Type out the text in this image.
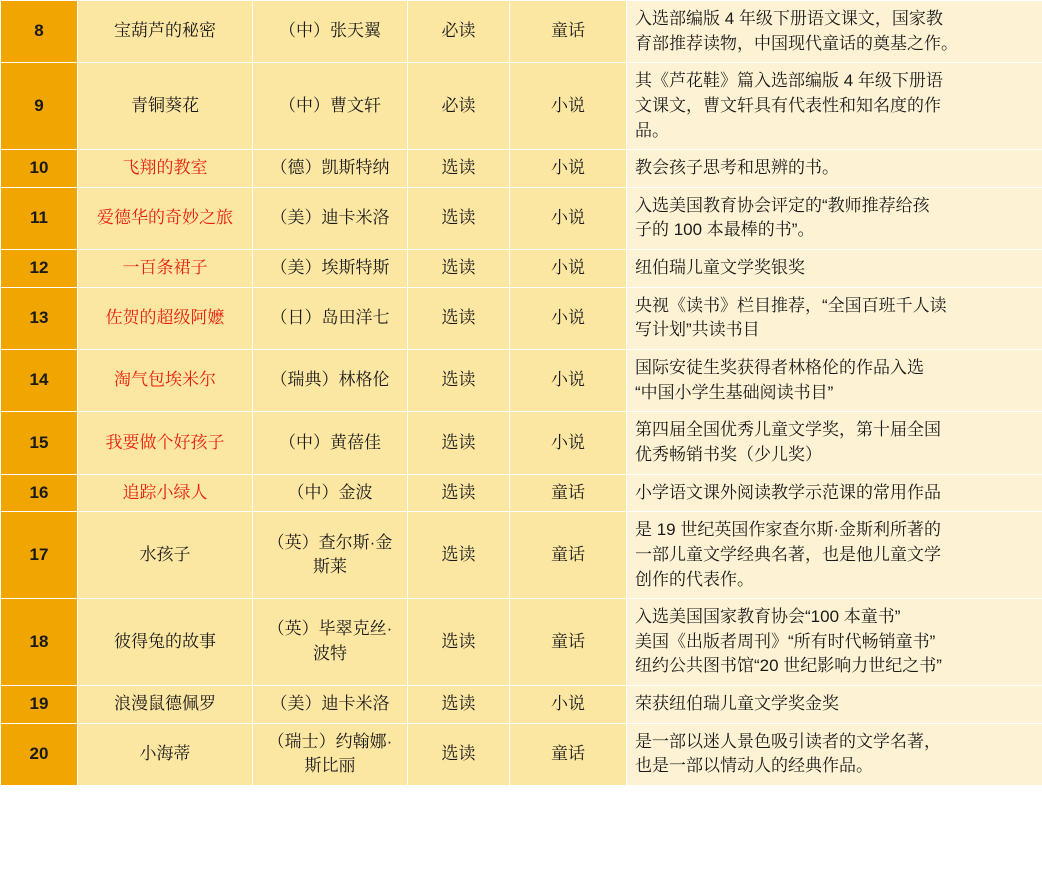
8	宝葫芦的秘密	（中）张天翼	必读	童话	入选部编版 4 年级下册语文课文，国家教
育部推荐读物，中国现代童话的奠基之作。

9	青铜葵花	（中）曹文轩	必读	小说	其《芦花鞋》篇入选部编版 4 年级下册语
文课文，曹文轩具有代表性和知名度的作
品。

10	飞翔的教室	（德）凯斯特纳	选读	小说	教会孩子思考和思辨的书。

11	爱德华的奇妙之旅	（美）迪卡米洛	选读	小说	入选美国教育协会评定的“教师推荐给孩
子的 100 本最棒的书”。

12	一百条裙子	（美）埃斯特斯	选读	小说	纽伯瑞儿童文学奖银奖

13	佐贺的超级阿嬷	（日）岛田洋七	选读	小说	央视《读书》栏目推荐，“全国百班千人读
写计划”共读书目

14	淘气包埃米尔	（瑞典）林格伦	选读	小说	国际安徒生奖获得者林格伦的作品入选
“中国小学生基础阅读书目”

15	我要做个好孩子	（中）黄蓓佳	选读	小说	第四届全国优秀儿童文学奖，第十届全国
优秀畅销书奖（少儿奖）

16	追踪小绿人	（中）金波	选读	童话	小学语文课外阅读教学示范课的常用作品

17	水孩子	（英）查尔斯·金斯莱	选读	童话	是 19 世纪英国作家查尔斯·金斯利所著的
一部儿童文学经典名著，也是他儿童文学
创作的代表作。

18	彼得兔的故事	（英）毕翠克丝·波特	选读	童话	入选美国国家教育协会“100 本童书”
美国《出版者周刊》“所有时代畅销童书”
纽约公共图书馆“20 世纪影响力世纪之书”

19	浪漫鼠德佩罗	（美）迪卡米洛	选读	小说	荣获纽伯瑞儿童文学奖金奖

20	小海蒂	（瑞士）约翰娜·斯比丽	选读	童话	是一部以迷人景色吸引读者的文学名著，
也是一部以情动人的经典作品。
